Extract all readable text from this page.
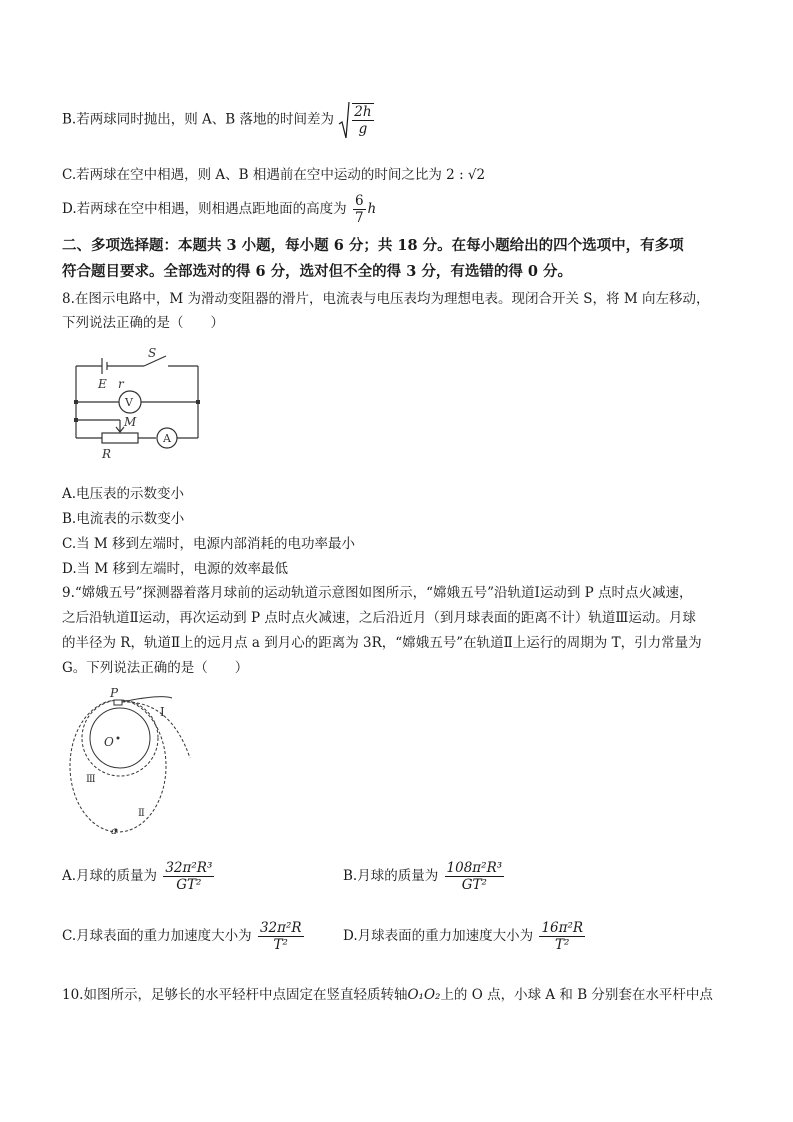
B.若两球同时抛出，则 A、B 落地的时间差为 $\frac{2h}{g}$
C.若两球在空中相遇，则 A、B 相遇前在空中运动的时间之比为 2 : √2
D.若两球在空中相遇，则相遇点距地面的高度为 $\frac{6}{7}$ h
二、多项选择题：本题共 3 小题，每小题 6 分；共 18 分。在每小题给出的四个选项中，有多项
符合题目要求。全部选对的得 6 分，选对但不全的得 3 分，有选错的得 0 分。
8.在图示电路中，M 为滑动变阻器的滑片，电流表与电压表均为理想电表。现闭合开关 S，将 M 向左移动，
下列说法正确的是（　　）
S
E r
V
M
A
R
A.电压表的示数变小
B.电流表的示数变小
C.当 M 移到左端时，电源内部消耗的电功率最小
D.当 M 移到左端时，电源的效率最低
9.“嫦娥五号”探测器着落月球前的运动轨道示意图如图所示，“嫦娥五号”沿轨道Ⅰ运动到 P 点时点火减速，
之后沿轨道Ⅱ运动，再次运动到 P 点时点火减速，之后沿近月（到月球表面的距离不计）轨道Ⅲ运动。月球
的半径为 R，轨道Ⅱ上的远月点 a 到月心的距离为 3R，“嫦娥五号”在轨道Ⅱ上运行的周期为 T，引力常量为
G。下列说法正确的是（　　）
P
Ⅰ
O
Ⅲ
Ⅱ
a
A.月球的质量为 $\frac{\text{32π²R³}}{\text{GT²}}$	B.月球的质量为 $\frac{\text{108π²R³}}{\text{GT²}}$
C.月球表面的重力加速度大小为 $\frac{\text{32π²R}}{\text{T²}}$	D.月球表面的重力加速度大小为 $\frac{\text{16π²R}}{\text{T²}}$
10.如图所示，足够长的水平轻杆中点固定在竖直轻质转轴O₁O₂上的 O 点，小球 A 和 B 分别套在水平杆中点
